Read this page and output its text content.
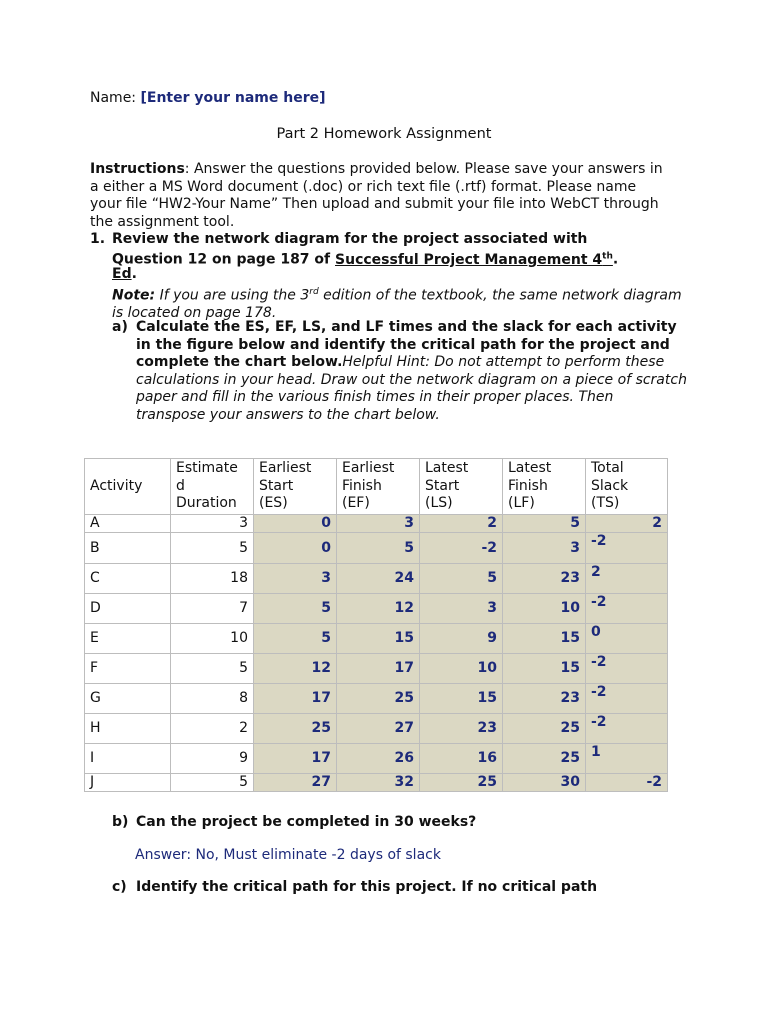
Name: [Enter your name here]
Part 2 Homework Assignment
Instructions: Answer the questions provided below. Please save your answers in a either a MS Word document (.doc) or rich text file (.rtf) format. Please name your file “HW2-Your Name” Then upload and submit your file into WebCT through the assignment tool.
1. Review the network diagram for the project associated with
Question 12 on page 187 of Successful Project Management 4th.
Ed.
Note: If you are using the 3rd edition of the textbook, the same network diagram is located on page 178.
a) Calculate the ES, EF, LS, and LF times and the slack for each activity in the figure below and identify the critical path for the project and complete the chart below.Helpful Hint: Do not attempt to perform these calculations in your head. Draw out the network diagram on a piece of scratch paper and fill in the various finish times in their proper places. Then transpose your answers to the chart below.
Activity	Estimate
d
Duration	Earliest
Start
(ES)	Earliest
Finish
(EF)	Latest
Start
(LS)	Latest
Finish
(LF)	Total
Slack
(TS)
A	3	0	3	2	5	2
B	5	0	5	-2	3	-2
C	18	3	24	5	23	2
D	7	5	12	3	10	-2
E	10	5	15	9	15	0
F	5	12	17	10	15	-2
G	8	17	25	15	23	-2
H	2	25	27	23	25	-2
I	9	17	26	16	25	1
J	5	27	32	25	30	-2
b) Can the project be completed in 30 weeks?
Answer: No, Must eliminate -2 days of slack
c) Identify the critical path for this project. If no critical path
